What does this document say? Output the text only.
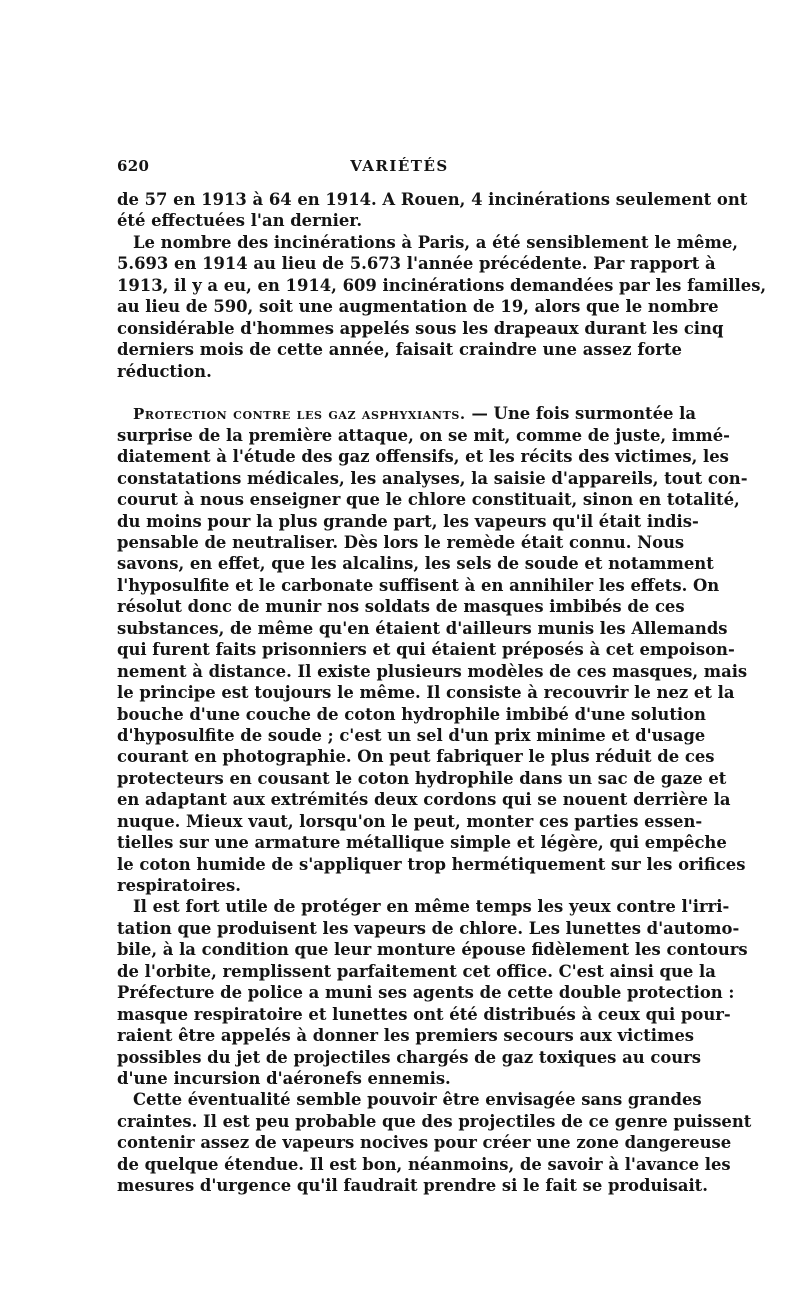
620	VARIÉTÉS
de 57 en 1913 à 64 en 1914. A Rouen, 4 incinérations seulement ont
été effectuées l'an dernier.
Le nombre des incinérations à Paris, a été sensiblement le même,
5.693 en 1914 au lieu de 5.673 l'année précédente. Par rapport à
1913, il y a eu, en 1914, 609 incinérations demandées par les familles,
au lieu de 590, soit une augmentation de 19, alors que le nombre
considérable d'hommes appelés sous les drapeaux durant les cinq
derniers mois de cette année, faisait craindre une assez forte
réduction.
Protection contre les gaz asphyxiants. — Une fois surmontée la
surprise de la première attaque, on se mit, comme de juste, immé-
diatement à l'étude des gaz offensifs, et les récits des victimes, les
constatations médicales, les analyses, la saisie d'appareils, tout con-
courut à nous enseigner que le chlore constituait, sinon en totalité,
du moins pour la plus grande part, les vapeurs qu'il était indis-
pensable de neutraliser. Dès lors le remède était connu. Nous
savons, en effet, que les alcalins, les sels de soude et notamment
l'hyposulfite et le carbonate suffisent à en annihiler les effets. On
résolut donc de munir nos soldats de masques imbibés de ces
substances, de même qu'en étaient d'ailleurs munis les Allemands
qui furent faits prisonniers et qui étaient préposés à cet empoison-
nement à distance. Il existe plusieurs modèles de ces masques, mais
le principe est toujours le même. Il consiste à recouvrir le nez et la
bouche d'une couche de coton hydrophile imbibé d'une solution
d'hyposulfite de soude ; c'est un sel d'un prix minime et d'usage
courant en photographie. On peut fabriquer le plus réduit de ces
protecteurs en cousant le coton hydrophile dans un sac de gaze et
en adaptant aux extrémités deux cordons qui se nouent derrière la
nuque. Mieux vaut, lorsqu'on le peut, monter ces parties essen-
tielles sur une armature métallique simple et légère, qui empêche
le coton humide de s'appliquer trop hermétiquement sur les orifices
respiratoires.
Il est fort utile de protéger en même temps les yeux contre l'irri-
tation que produisent les vapeurs de chlore. Les lunettes d'automo-
bile, à la condition que leur monture épouse fidèlement les contours
de l'orbite, remplissent parfaitement cet office. C'est ainsi que la
Préfecture de police a muni ses agents de cette double protection :
masque respiratoire et lunettes ont été distribués à ceux qui pour-
raient être appelés à donner les premiers secours aux victimes
possibles du jet de projectiles chargés de gaz toxiques au cours
d'une incursion d'aéronefs ennemis.
Cette éventualité semble pouvoir être envisagée sans grandes
craintes. Il est peu probable que des projectiles de ce genre puissent
contenir assez de vapeurs nocives pour créer une zone dangereuse
de quelque étendue. Il est bon, néanmoins, de savoir à l'avance les
mesures d'urgence qu'il faudrait prendre si le fait se produisait.
